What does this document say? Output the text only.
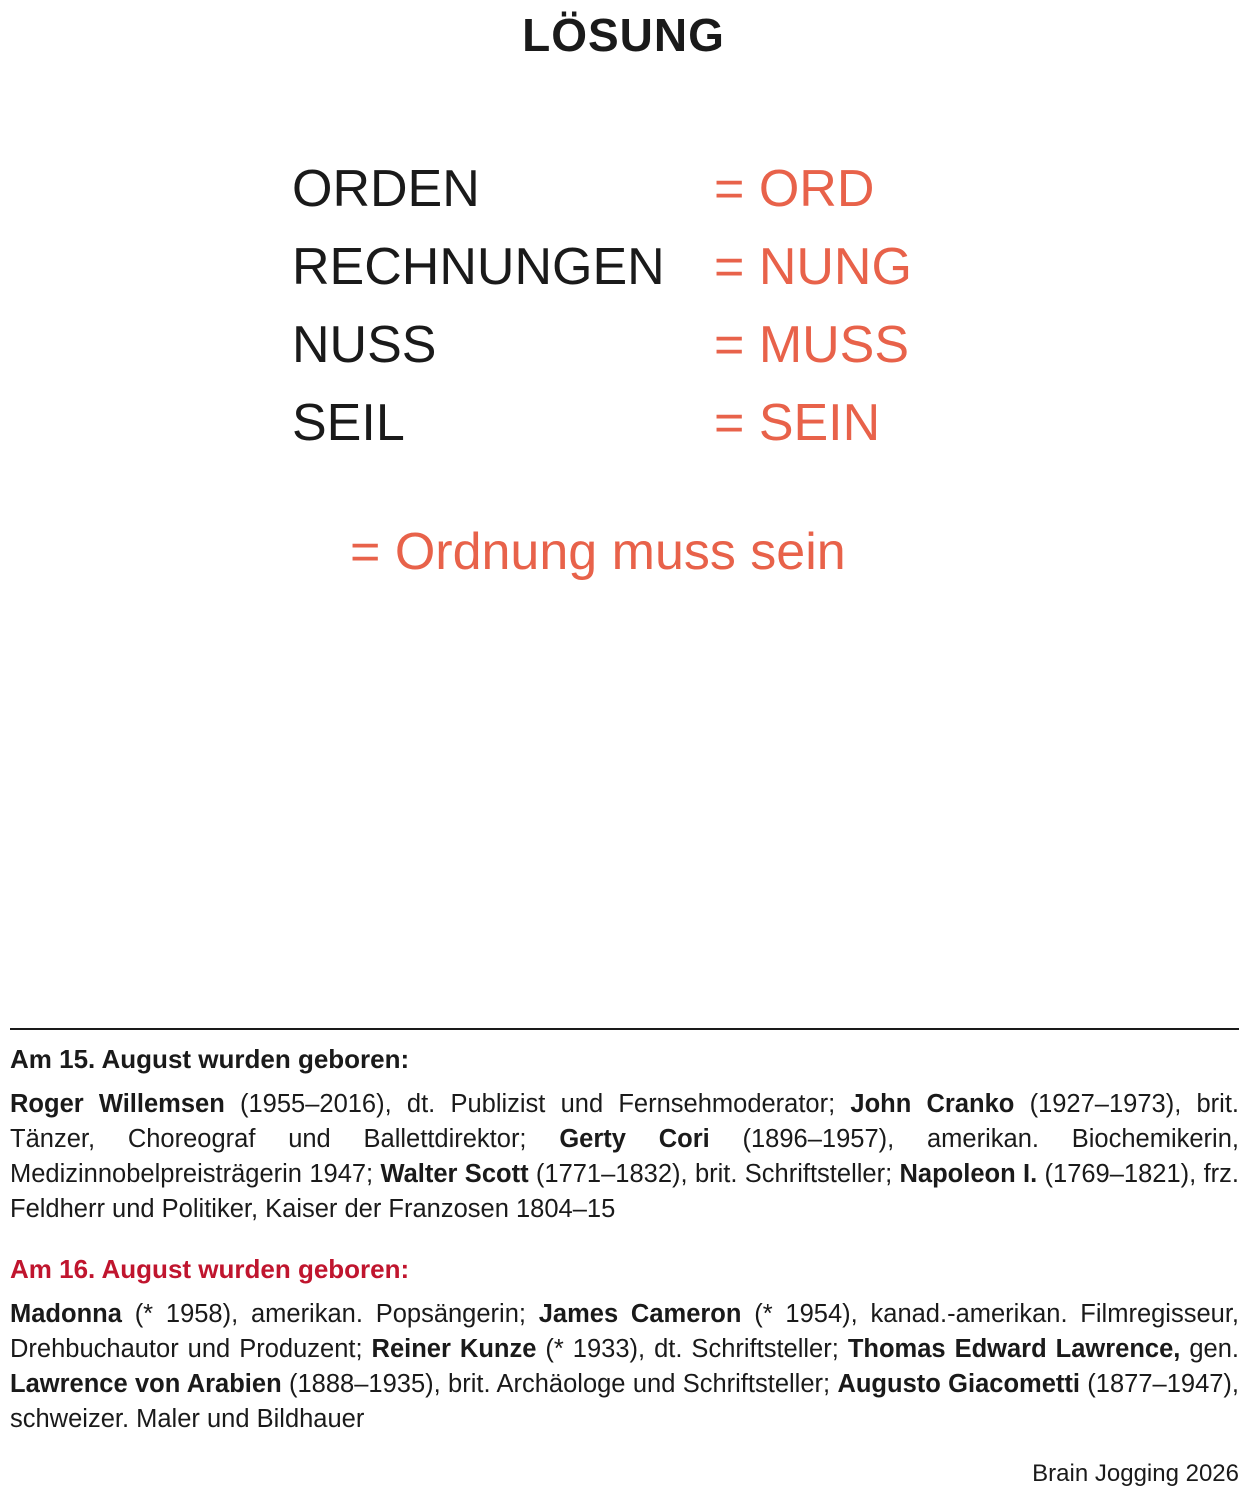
LÖSUNG
ORDEN	= ORD
RECHNUNGEN = NUNG
NUSS	= MUSS
SEIL	= SEIN
= Ordnung muss sein
Am 15. August wurden geboren:
Roger Willemsen (1955–2016), dt. Publizist und Fernsehmoderator; John Cranko (1927–1973), brit. Tänzer, Choreograf und Ballettdirektor; Gerty Cori (1896–1957), amerikan. Biochemikerin, Medizinnobelpreisträgerin 1947; Walter Scott (1771–1832), brit. Schriftsteller; Napoleon I. (1769–1821), frz. Feldherr und Politiker, Kaiser der Franzosen 1804–15
Am 16. August wurden geboren:
Madonna (* 1958), amerikan. Popsängerin; James Cameron (* 1954), kanad.-amerikan. Filmregisseur, Drehbuchautor und Produzent; Reiner Kunze (* 1933), dt. Schriftsteller; Thomas Edward Lawrence, gen. Lawrence von Arabien (1888–1935), brit. Archäologe und Schriftsteller; Augusto Giacometti (1877–1947), schweizer. Maler und Bildhauer
Brain Jogging 2026
